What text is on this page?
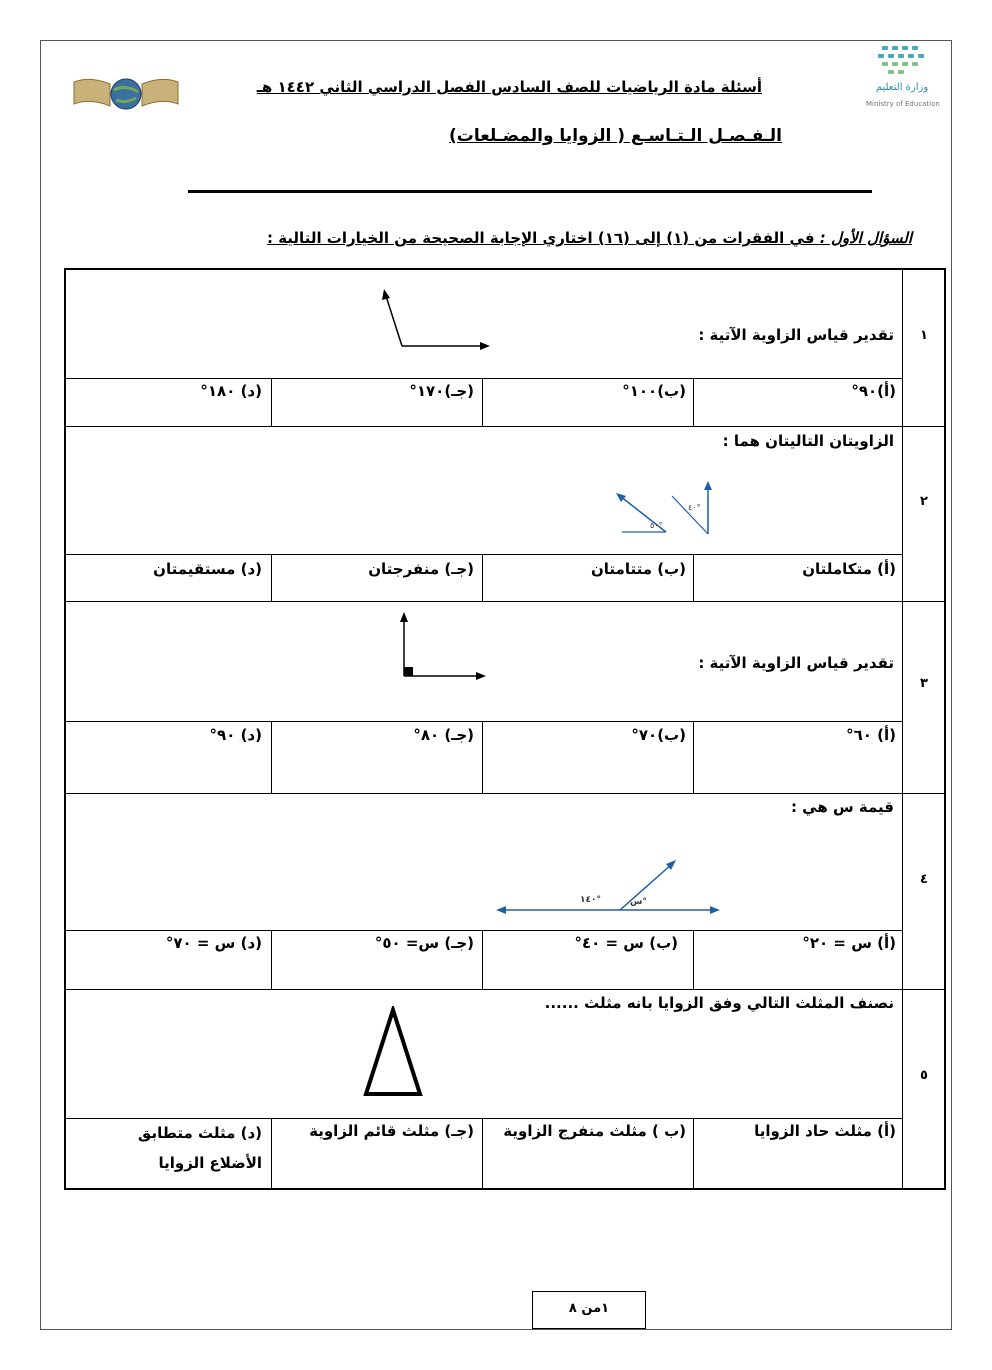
وزارة التعليم
Ministry of Education
أسئلة مادة الرياضيات للصف السادس الفصل الدراسي الثاني ١٤٤٢ هـ
الـفـصـل الـتـاسـع ( الزوايا والمضـلعات)
السؤال الأول : في الفقرات من (١) إلى (١٦) اختاري الإجابة الصحيحة من الخيارات التالية :
١
تقدير قياس الزاوية الآتية :
(أ)٩٠°
(ب)١٠٠°
(جـ)١٧٠°
(د) ١٨٠°
٢
الزاويتان التاليتان هما :
٥٠°
٤٠°
(أ) متكاملتان
(ب) متتامتان
(جـ) منفرجتان
(د) مستقيمتان
٣
تقدير قياس الزاوية الآتية :
(أ) ٦٠°
(ب)٧٠°
(جـ) ٨٠°
(د) ٩٠°
٤
قيمة س هي :
١٤٠°	س°
(أ) س = ٢٠°
(ب) س = ٤٠°
(جـ) س= ٥٠°
(د) س = ٧٠°
٥
نصنف المثلث التالي وفق الزوايا بانه مثلث ......
(أ) مثلث حاد الزوايا
(ب ) مثلث منفرج الزاوية
(جـ) مثلث قائم الزاوية
(د) مثلث متطابق الأضلاع الزوايا
١من ٨
